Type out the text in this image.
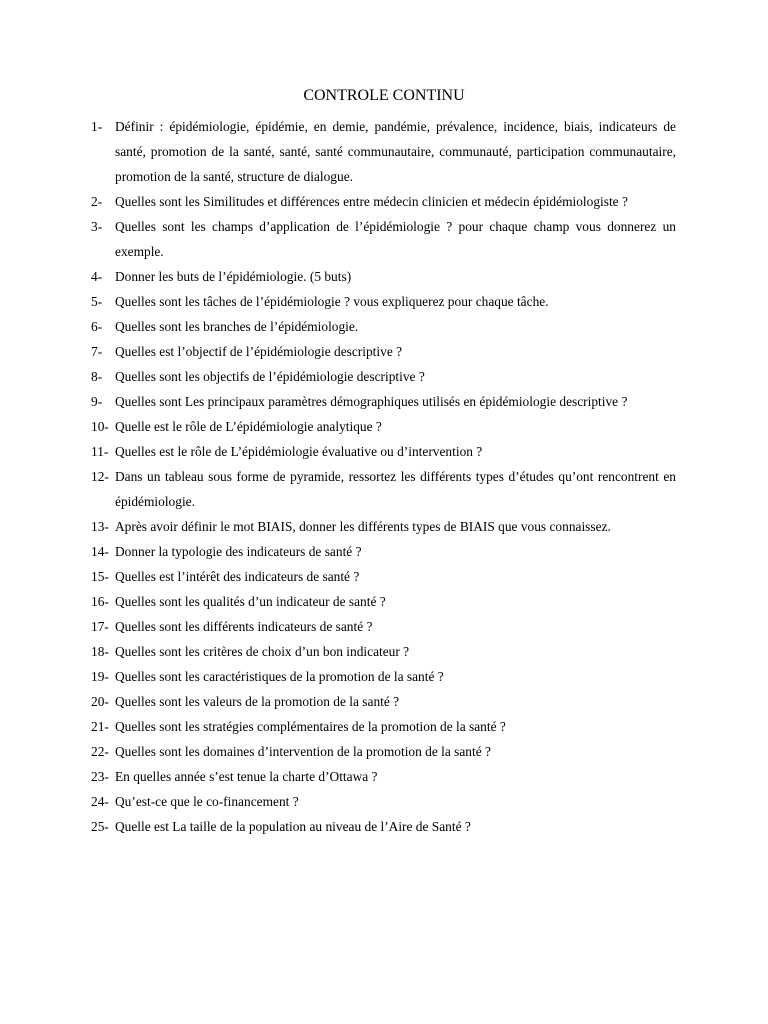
CONTROLE CONTINU
1- Définir : épidémiologie, épidémie, en demie, pandémie, prévalence, incidence, biais, indicateurs de santé, promotion de la santé, santé, santé communautaire, communauté, participation communautaire, promotion de la santé, structure de dialogue.
2- Quelles sont les Similitudes et différences entre médecin clinicien et médecin épidémiologiste ?
3- Quelles sont les champs d’application de l’épidémiologie ? pour chaque champ vous donnerez un exemple.
4- Donner les buts de l’épidémiologie. (5 buts)
5- Quelles sont les tâches de l’épidémiologie ? vous expliquerez pour chaque tâche.
6- Quelles sont les branches de l’épidémiologie.
7- Quelles est l’objectif de l’épidémiologie descriptive ?
8- Quelles sont les objectifs de l’épidémiologie descriptive ?
9- Quelles sont Les principaux paramètres démographiques utilisés en épidémiologie descriptive ?
10- Quelle est le rôle de L’épidémiologie analytique ?
11- Quelles est le rôle de L’épidémiologie évaluative ou d’intervention ?
12- Dans un tableau sous forme de pyramide, ressortez les différents types d’études qu’ont rencontrent en épidémiologie.
13- Après avoir définir le mot BIAIS, donner les différents types de BIAIS que vous connaissez.
14- Donner la typologie des indicateurs de santé ?
15- Quelles est l’intérêt des indicateurs de santé ?
16- Quelles sont les qualités d’un indicateur de santé ?
17- Quelles sont les différents indicateurs de santé ?
18- Quelles sont les critères de choix d’un bon indicateur ?
19- Quelles sont les caractéristiques de la promotion de la santé ?
20- Quelles sont les valeurs de la promotion de la santé ?
21- Quelles sont les stratégies complémentaires de la promotion de la santé ?
22- Quelles sont les domaines d’intervention de la promotion de la santé ?
23- En quelles année s’est tenue la charte d’Ottawa ?
24- Qu’est-ce que le co-financement ?
25- Quelle est La taille de la population au niveau de l’Aire de Santé ?
